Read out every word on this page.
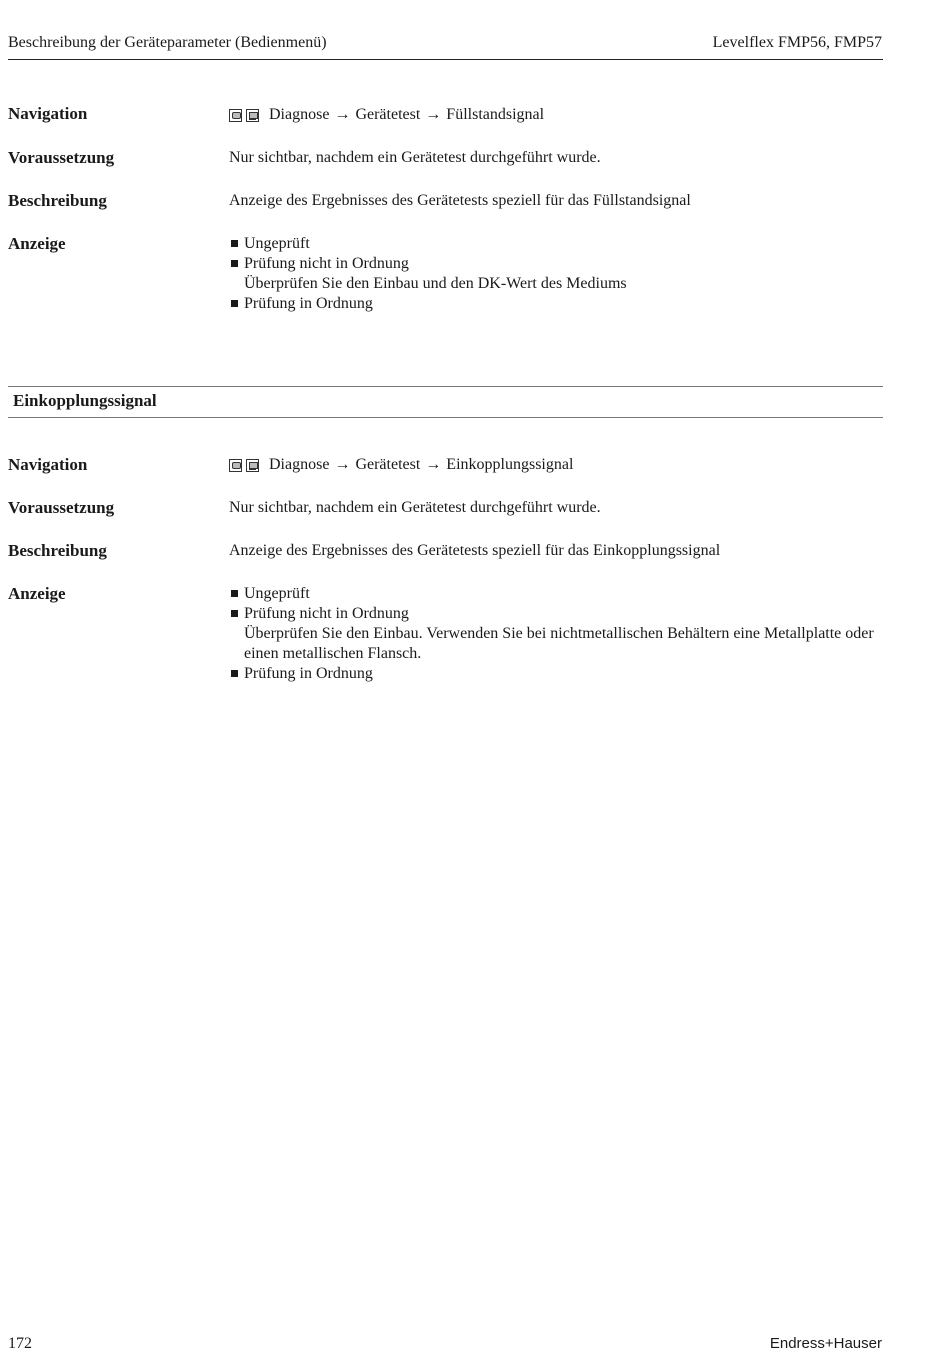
Beschreibung der Geräteparameter (Bedienmenü)	Levelflex FMP56, FMP57
Navigation	Diagnose → Gerätetest → Füllstandsignal
Voraussetzung	Nur sichtbar, nachdem ein Gerätetest durchgeführt wurde.
Beschreibung	Anzeige des Ergebnisses des Gerätetests speziell für das Füllstandsignal
Anzeige	Ungeprüft
Prüfung nicht in Ordnung
Überprüfen Sie den Einbau und den DK-Wert des Mediums
Prüfung in Ordnung
Einkopplungssignal
Navigation	Diagnose → Gerätetest → Einkopplungssignal
Voraussetzung	Nur sichtbar, nachdem ein Gerätetest durchgeführt wurde.
Beschreibung	Anzeige des Ergebnisses des Gerätetests speziell für das Einkopplungssignal
Anzeige	Ungeprüft
Prüfung nicht in Ordnung
Überprüfen Sie den Einbau. Verwenden Sie bei nichtmetallischen Behältern eine Metallplatte oder einen metallischen Flansch.
Prüfung in Ordnung
172	Endress+Hauser
